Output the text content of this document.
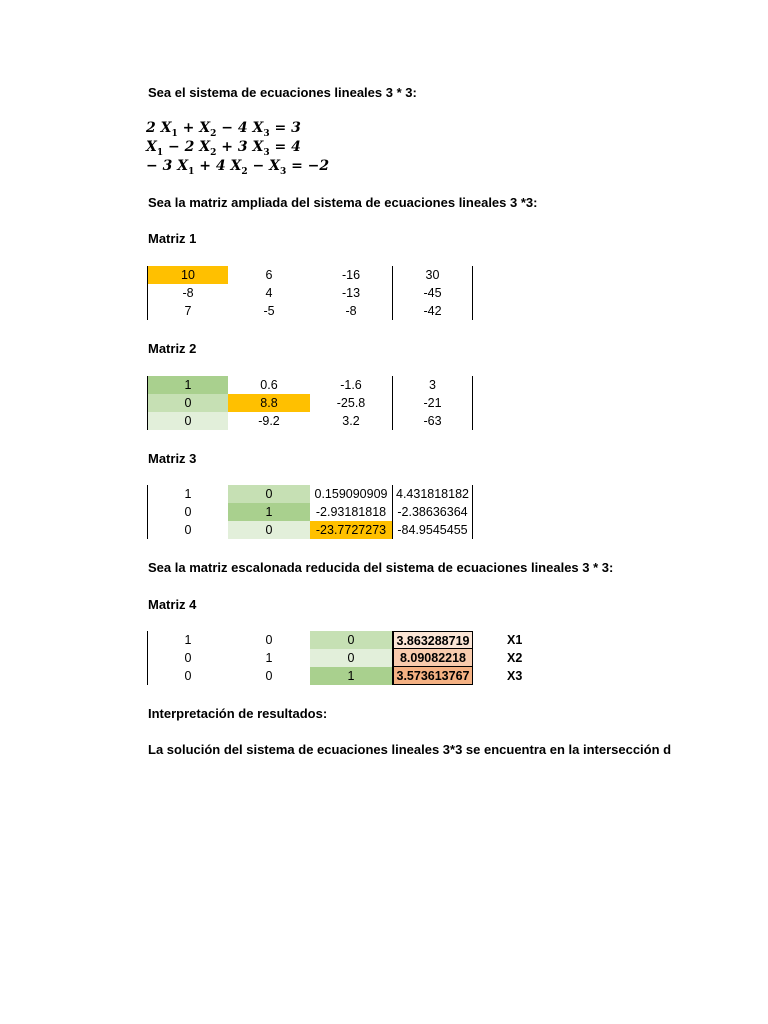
Sea el sistema de ecuaciones lineales 3 * 3:
2 $X_1 + X_2 - 4$ $X_3 = 3$
$X_1 - 2$ $X_2 + 3$ $X_3 = 4$
− 3 $X_1 + 4$ $X_2 - X_3 = -2$
Sea la matriz ampliada del sistema de ecuaciones lineales 3 *3:
Matriz 1
10	6	-16	30
-8	4	-13	-45
7	-5	-8	-42
Matriz 2
1	0.6	-1.6	3
0	8.8	-25.8	-21
0	-9.2	3.2	-63
Matriz 3
1	0	0.159090909 4.431818182
0	1	-2.93181818 -2.38636364
0	0	-23.7727273 -84.9545455
Sea la matriz escalonada reducida del sistema de ecuaciones lineales 3 * 3:
Matriz 4
1	0	0	3.863288719	X1
0	1	0	8.09082218	X2
0	0	1	3.573613767	X3
Interpretación de resultados:
La solución del sistema de ecuaciones lineales 3*3 se encuentra en la intersección d
